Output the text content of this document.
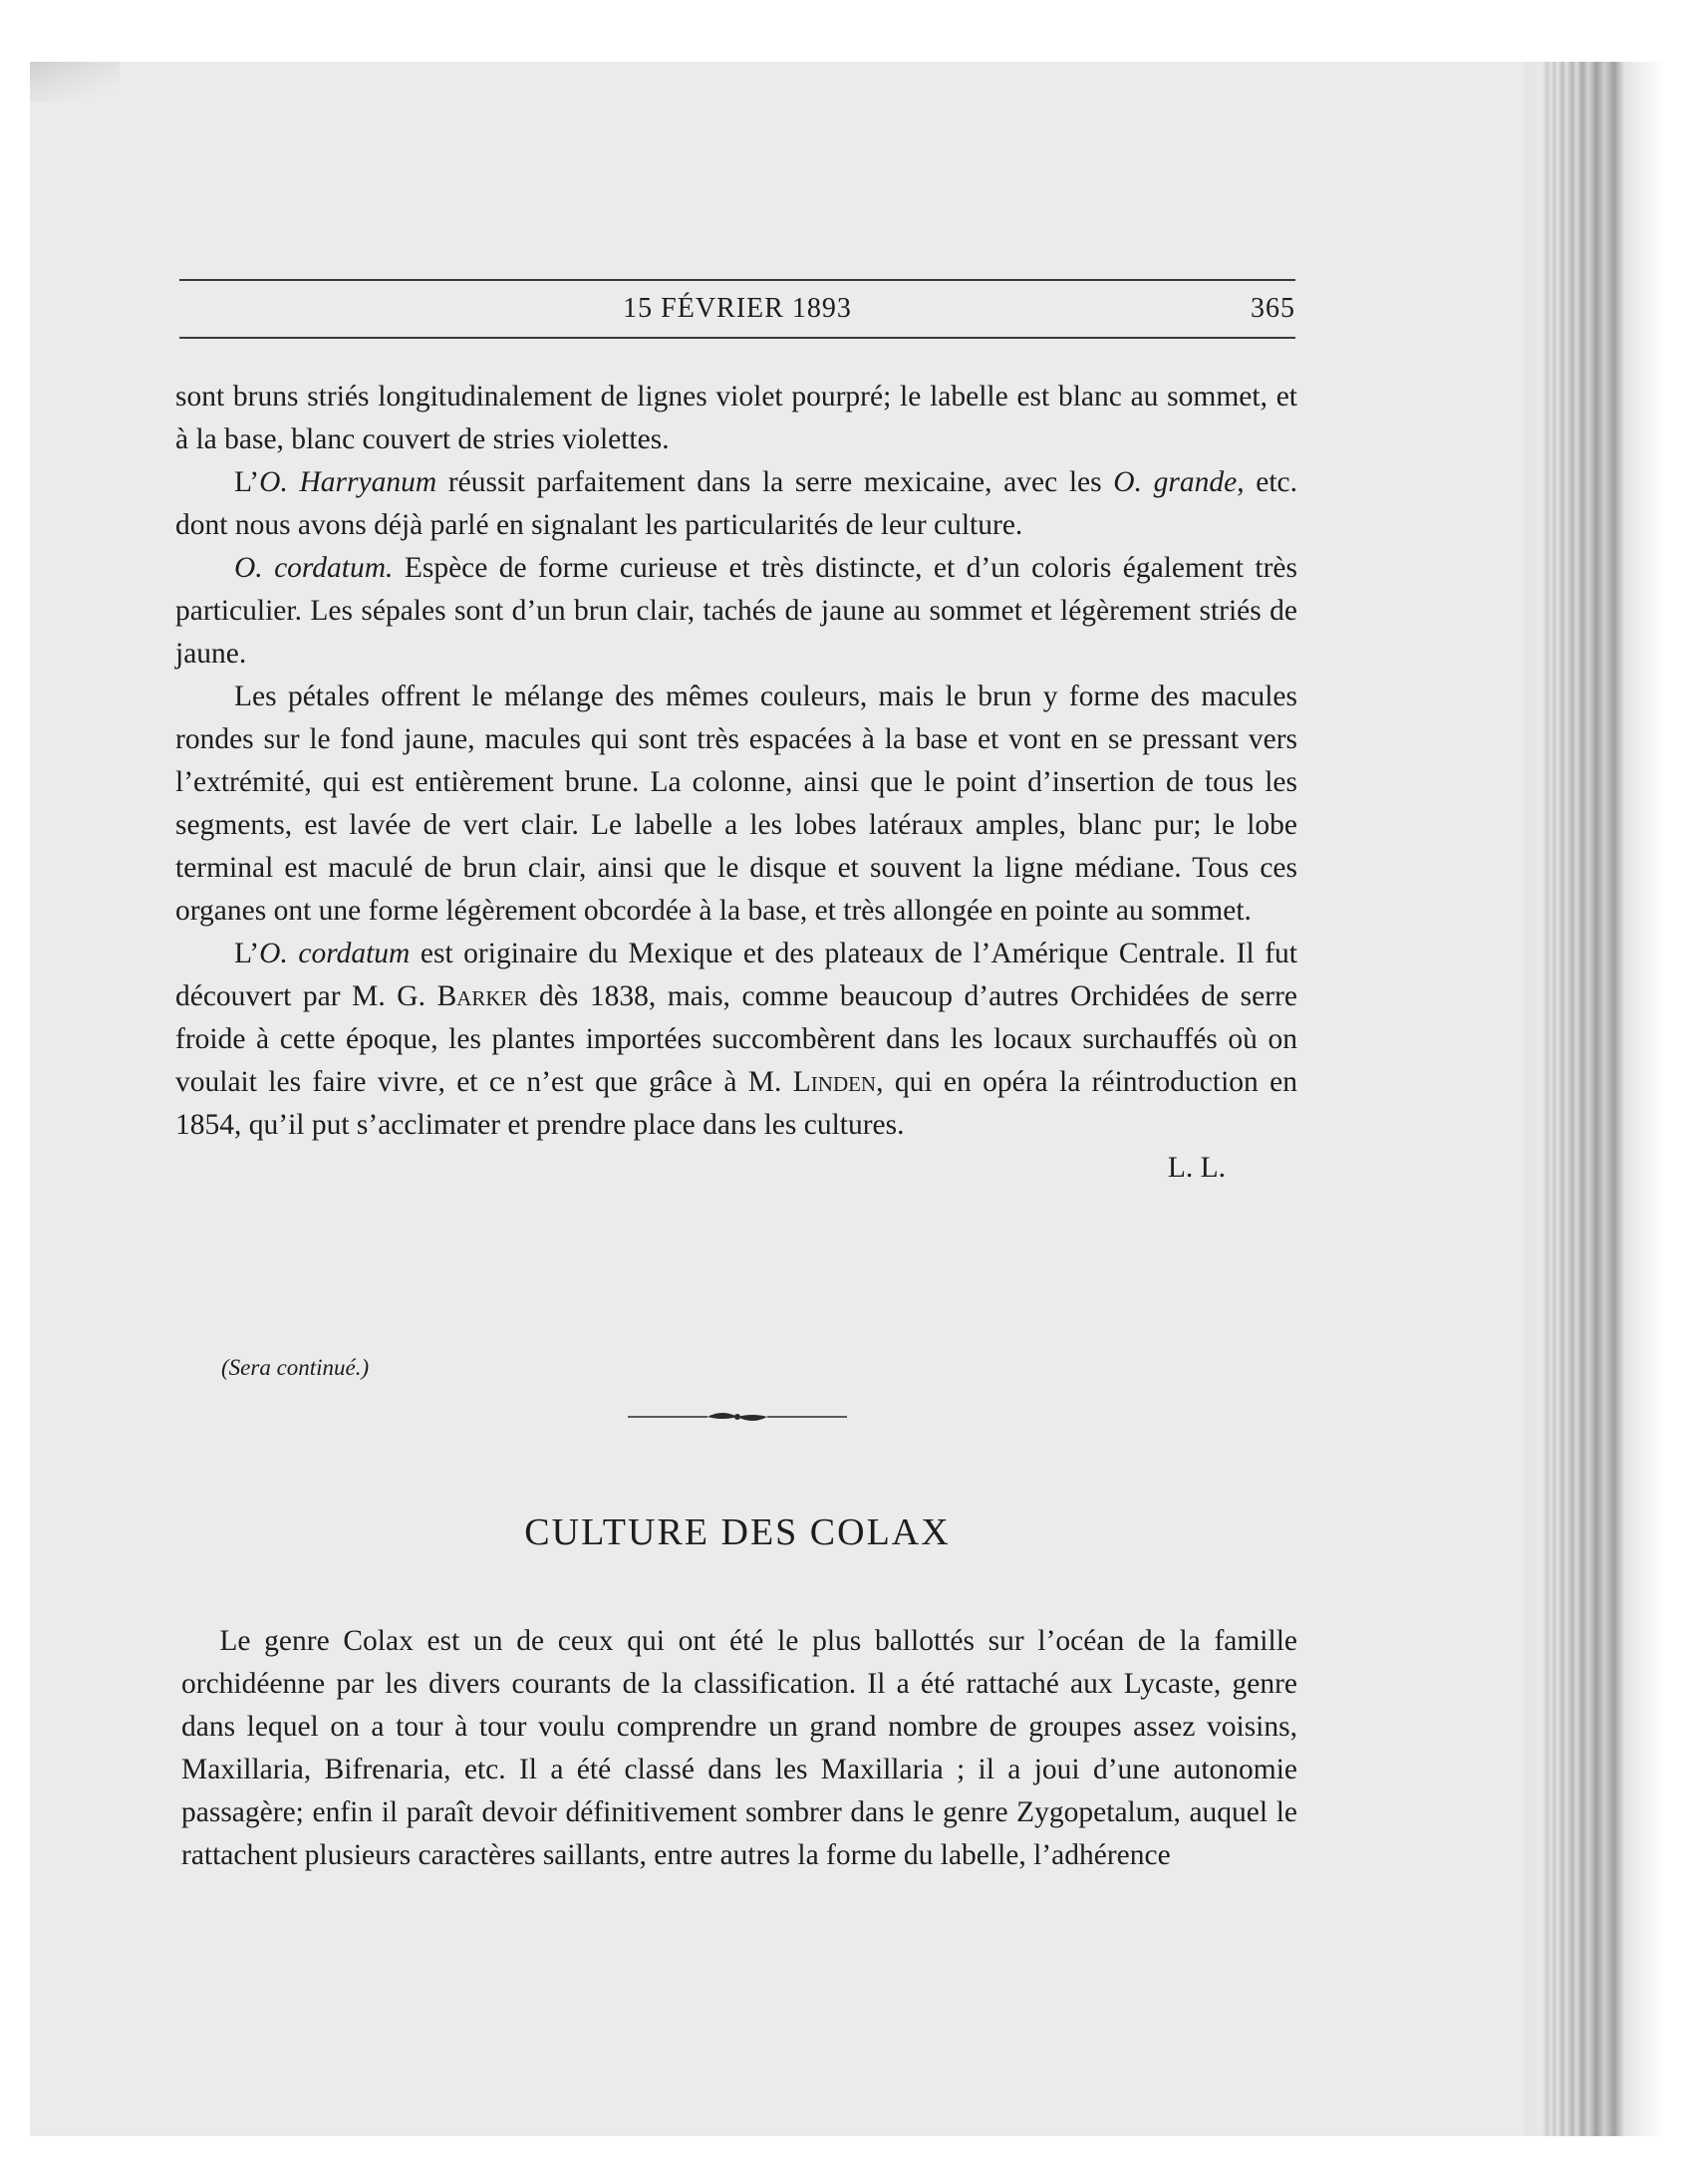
15 FÉVRIER 1893	365

sont bruns striés longitudinalement de lignes violet pourpré; le labelle est blanc au sommet, et à la base, blanc couvert de stries violettes.

L’O. Harryanum réussit parfaitement dans la serre mexicaine, avec les O. grande, etc. dont nous avons déjà parlé en signalant les particularités de leur culture.

O. cordatum. Espèce de forme curieuse et très distincte, et d’un coloris également très particulier. Les sépales sont d’un brun clair, tachés de jaune au sommet et légèrement striés de jaune.

Les pétales offrent le mélange des mêmes couleurs, mais le brun y forme des macules rondes sur le fond jaune, macules qui sont très espacées à la base et vont en se pressant vers l’extrémité, qui est entièrement brune. La colonne, ainsi que le point d’insertion de tous les segments, est lavée de vert clair. Le labelle a les lobes latéraux amples, blanc pur; le lobe terminal est maculé de brun clair, ainsi que le disque et souvent la ligne médiane. Tous ces organes ont une forme légèrement obcordée à la base, et très allongée en pointe au sommet.

L’O. cordatum est originaire du Mexique et des plateaux de l’Amérique Centrale. Il fut découvert par M. G. Barker dès 1838, mais, comme beaucoup d’autres Orchidées de serre froide à cette époque, les plantes importées succombèrent dans les locaux surchauffés où on voulait les faire vivre, et ce n’est que grâce à M. Linden, qui en opéra la réintroduction en 1854, qu’il put s’acclimater et prendre place dans les cultures.

L. L.
(Sera continué.)
CULTURE DES COLAX

Le genre Colax est un de ceux qui ont été le plus ballottés sur l’océan de la famille orchidéenne par les divers courants de la classification. Il a été rattaché aux Lycaste, genre dans lequel on a tour à tour voulu comprendre un grand nombre de groupes assez voisins, Maxillaria, Bifrenaria, etc. Il a été classé dans les Maxillaria ; il a joui d’une autonomie passagère; enfin il paraît devoir définitivement sombrer dans le genre Zygopetalum, auquel le rattachent plusieurs caractères saillants, entre autres la forme du labelle, l’adhérence
